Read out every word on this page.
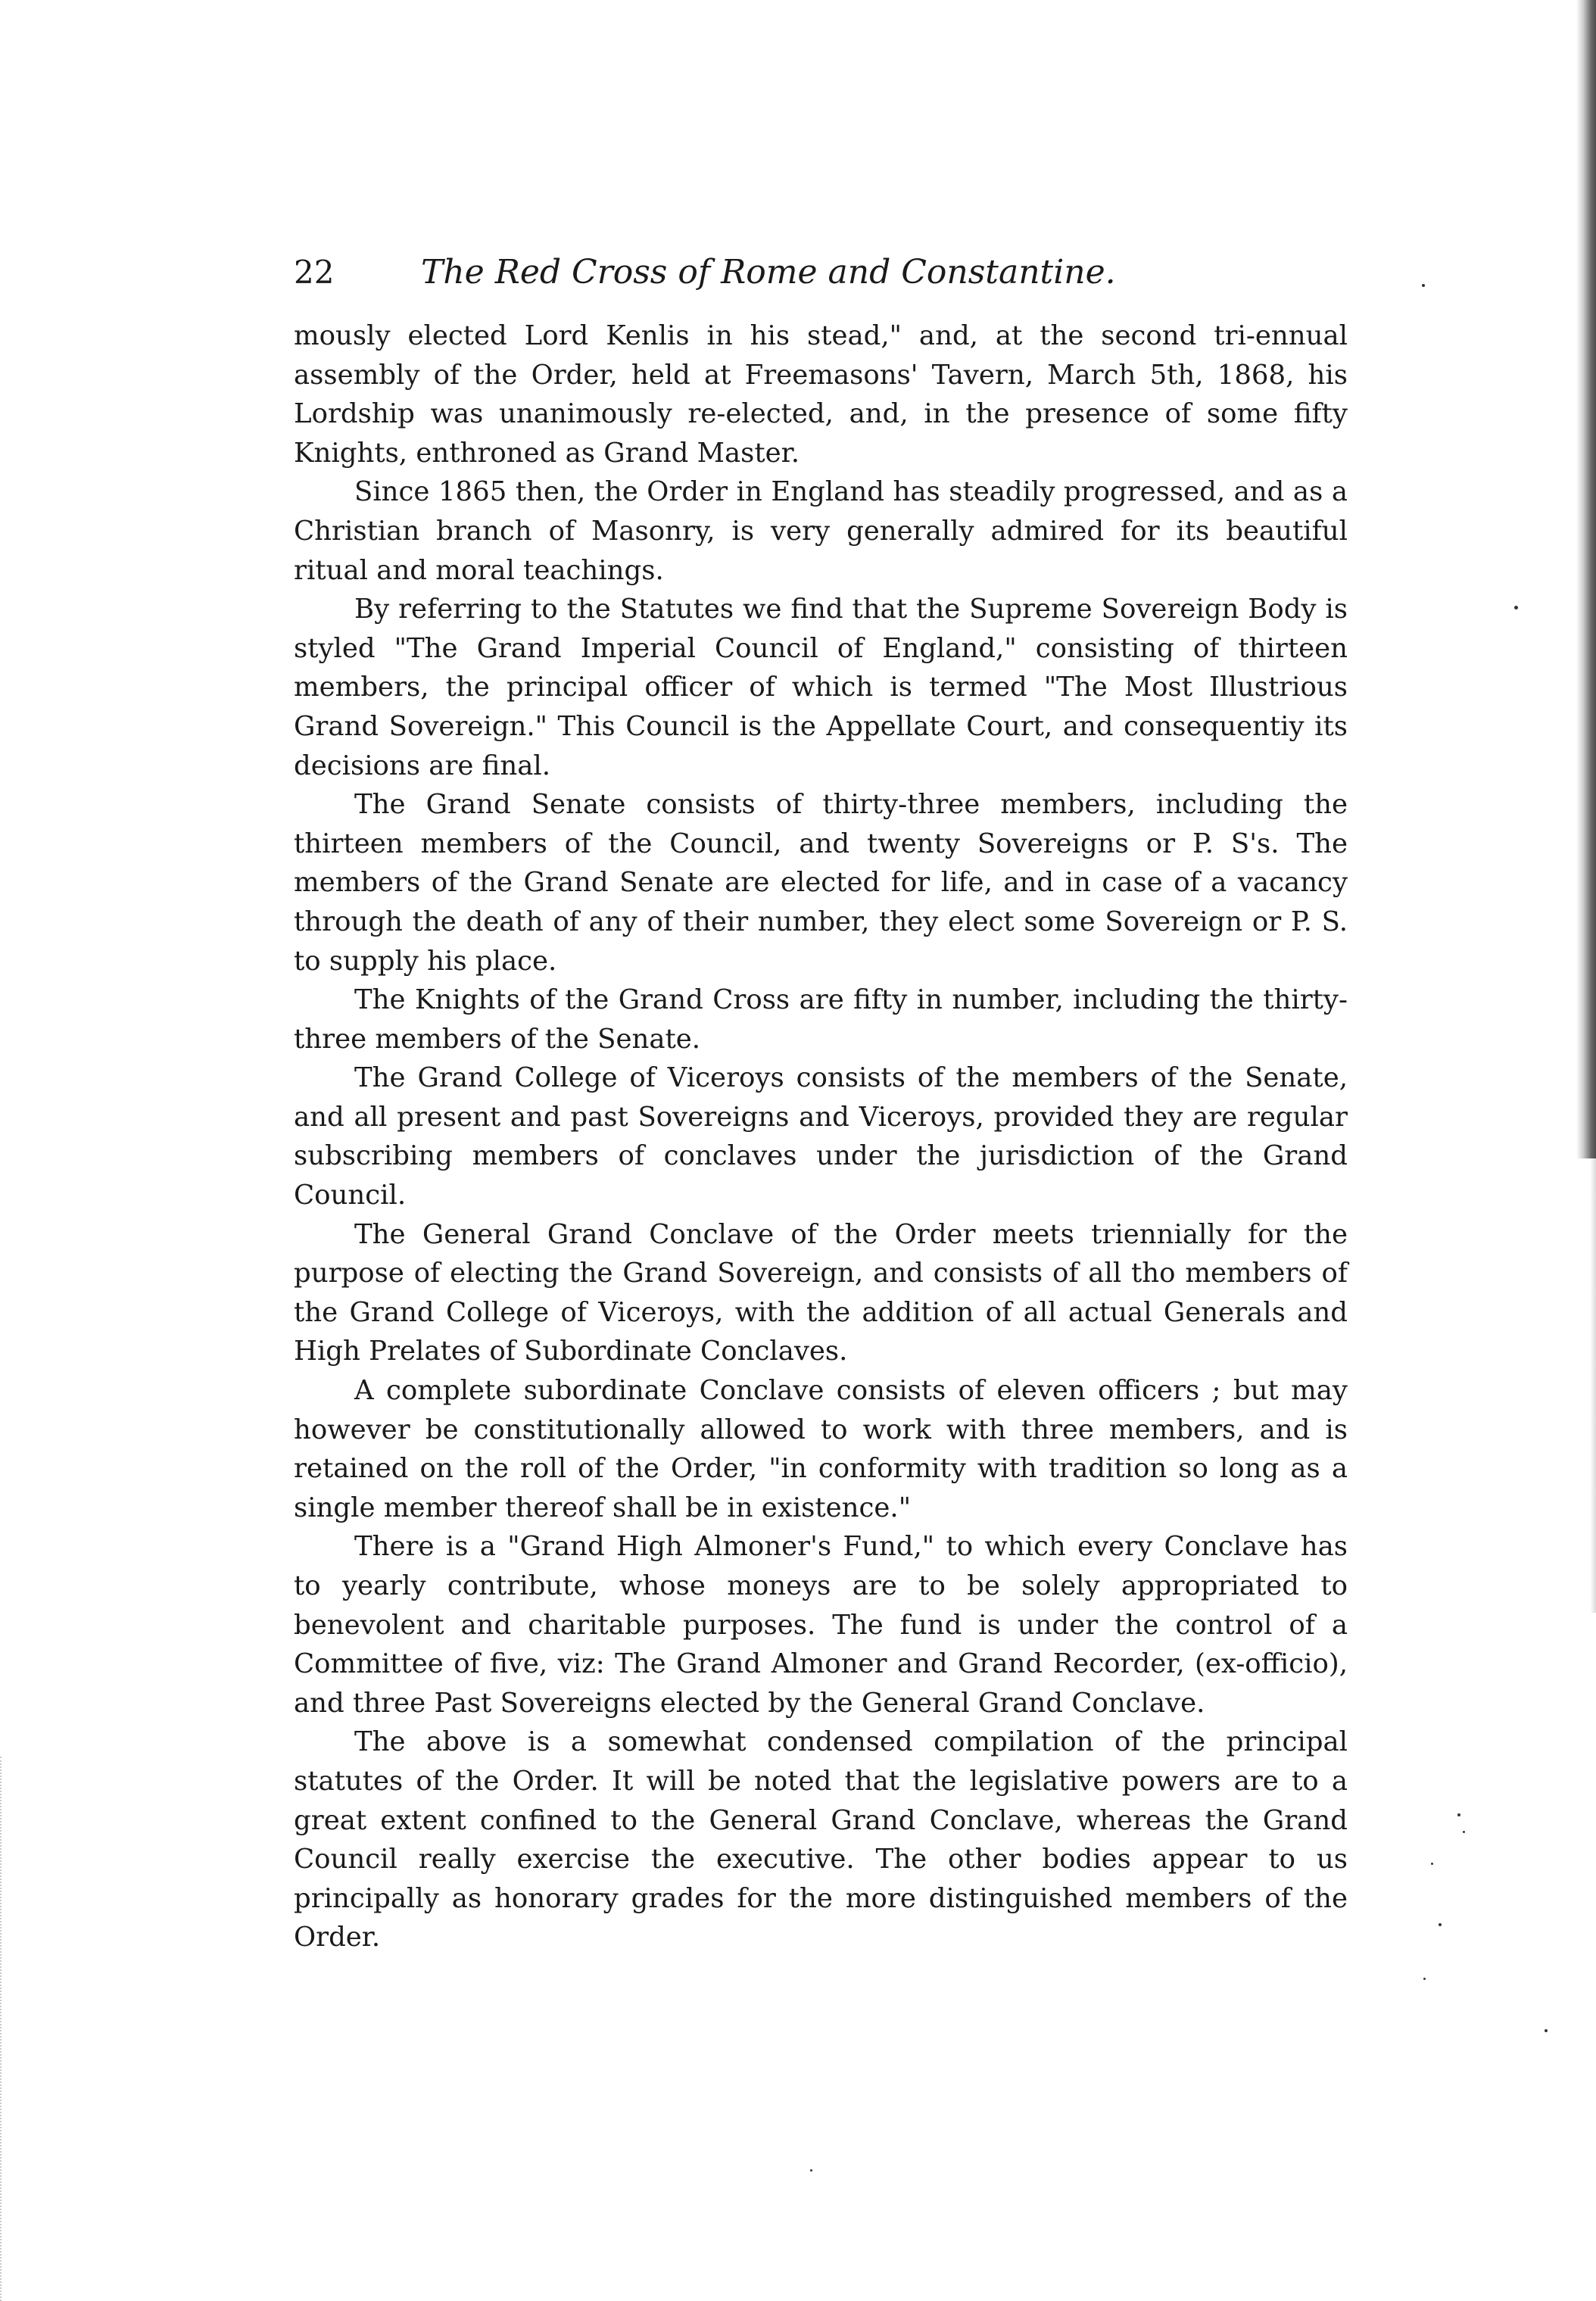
22	The Red Cross of Rome and Constantine.

mously elected Lord Kenlis in his stead," and, at the second tri-ennual assembly of the Order, held at Freemasons' Tavern, March 5th, 1868, his Lordship was unanimously re-elected, and, in the presence of some fifty Knights, enthroned as Grand Master.

Since 1865 then, the Order in England has steadily progressed, and as a Christian branch of Masonry, is very generally admired for its beautiful ritual and moral teachings.

By referring to the Statutes we find that the Supreme Sovereign Body is styled "The Grand Imperial Council of England," consisting of thirteen members, the principal officer of which is termed "The Most Illustrious Grand Sovereign." This Council is the Appellate Court, and consequentiy its decisions are final.

The Grand Senate consists of thirty-three members, including the thirteen members of the Council, and twenty Sovereigns or P. S's. The members of the Grand Senate are elected for life, and in case of a vacancy through the death of any of their number, they elect some Sovereign or P. S. to supply his place.

The Knights of the Grand Cross are fifty in number, including the thirty-three members of the Senate.

The Grand College of Viceroys consists of the members of the Senate, and all present and past Sovereigns and Viceroys, provided they are regular subscribing members of conclaves under the jurisdiction of the Grand Council.

The General Grand Conclave of the Order meets triennially for the purpose of electing the Grand Sovereign, and consists of all tho members of the Grand College of Viceroys, with the addition of all actual Generals and High Prelates of Subordinate Conclaves.

A complete subordinate Conclave consists of eleven officers ; but may however be constitutionally allowed to work with three members, and is retained on the roll of the Order, "in conformity with tradition so long as a single member thereof shall be in existence."

There is a "Grand High Almoner's Fund," to which every Conclave has to yearly contribute, whose moneys are to be solely appropriated to benevolent and charitable purposes. The fund is under the control of a Committee of five, viz: The Grand Almoner and Grand Recorder, (ex-officio), and three Past Sovereigns elected by the General Grand Conclave.

The above is a somewhat condensed compilation of the principal statutes of the Order. It will be noted that the legislative powers are to a great extent confined to the General Grand Conclave, whereas the Grand Council really exercise the executive. The other bodies appear to us principally as honorary grades for the more distinguished members of the Order.
